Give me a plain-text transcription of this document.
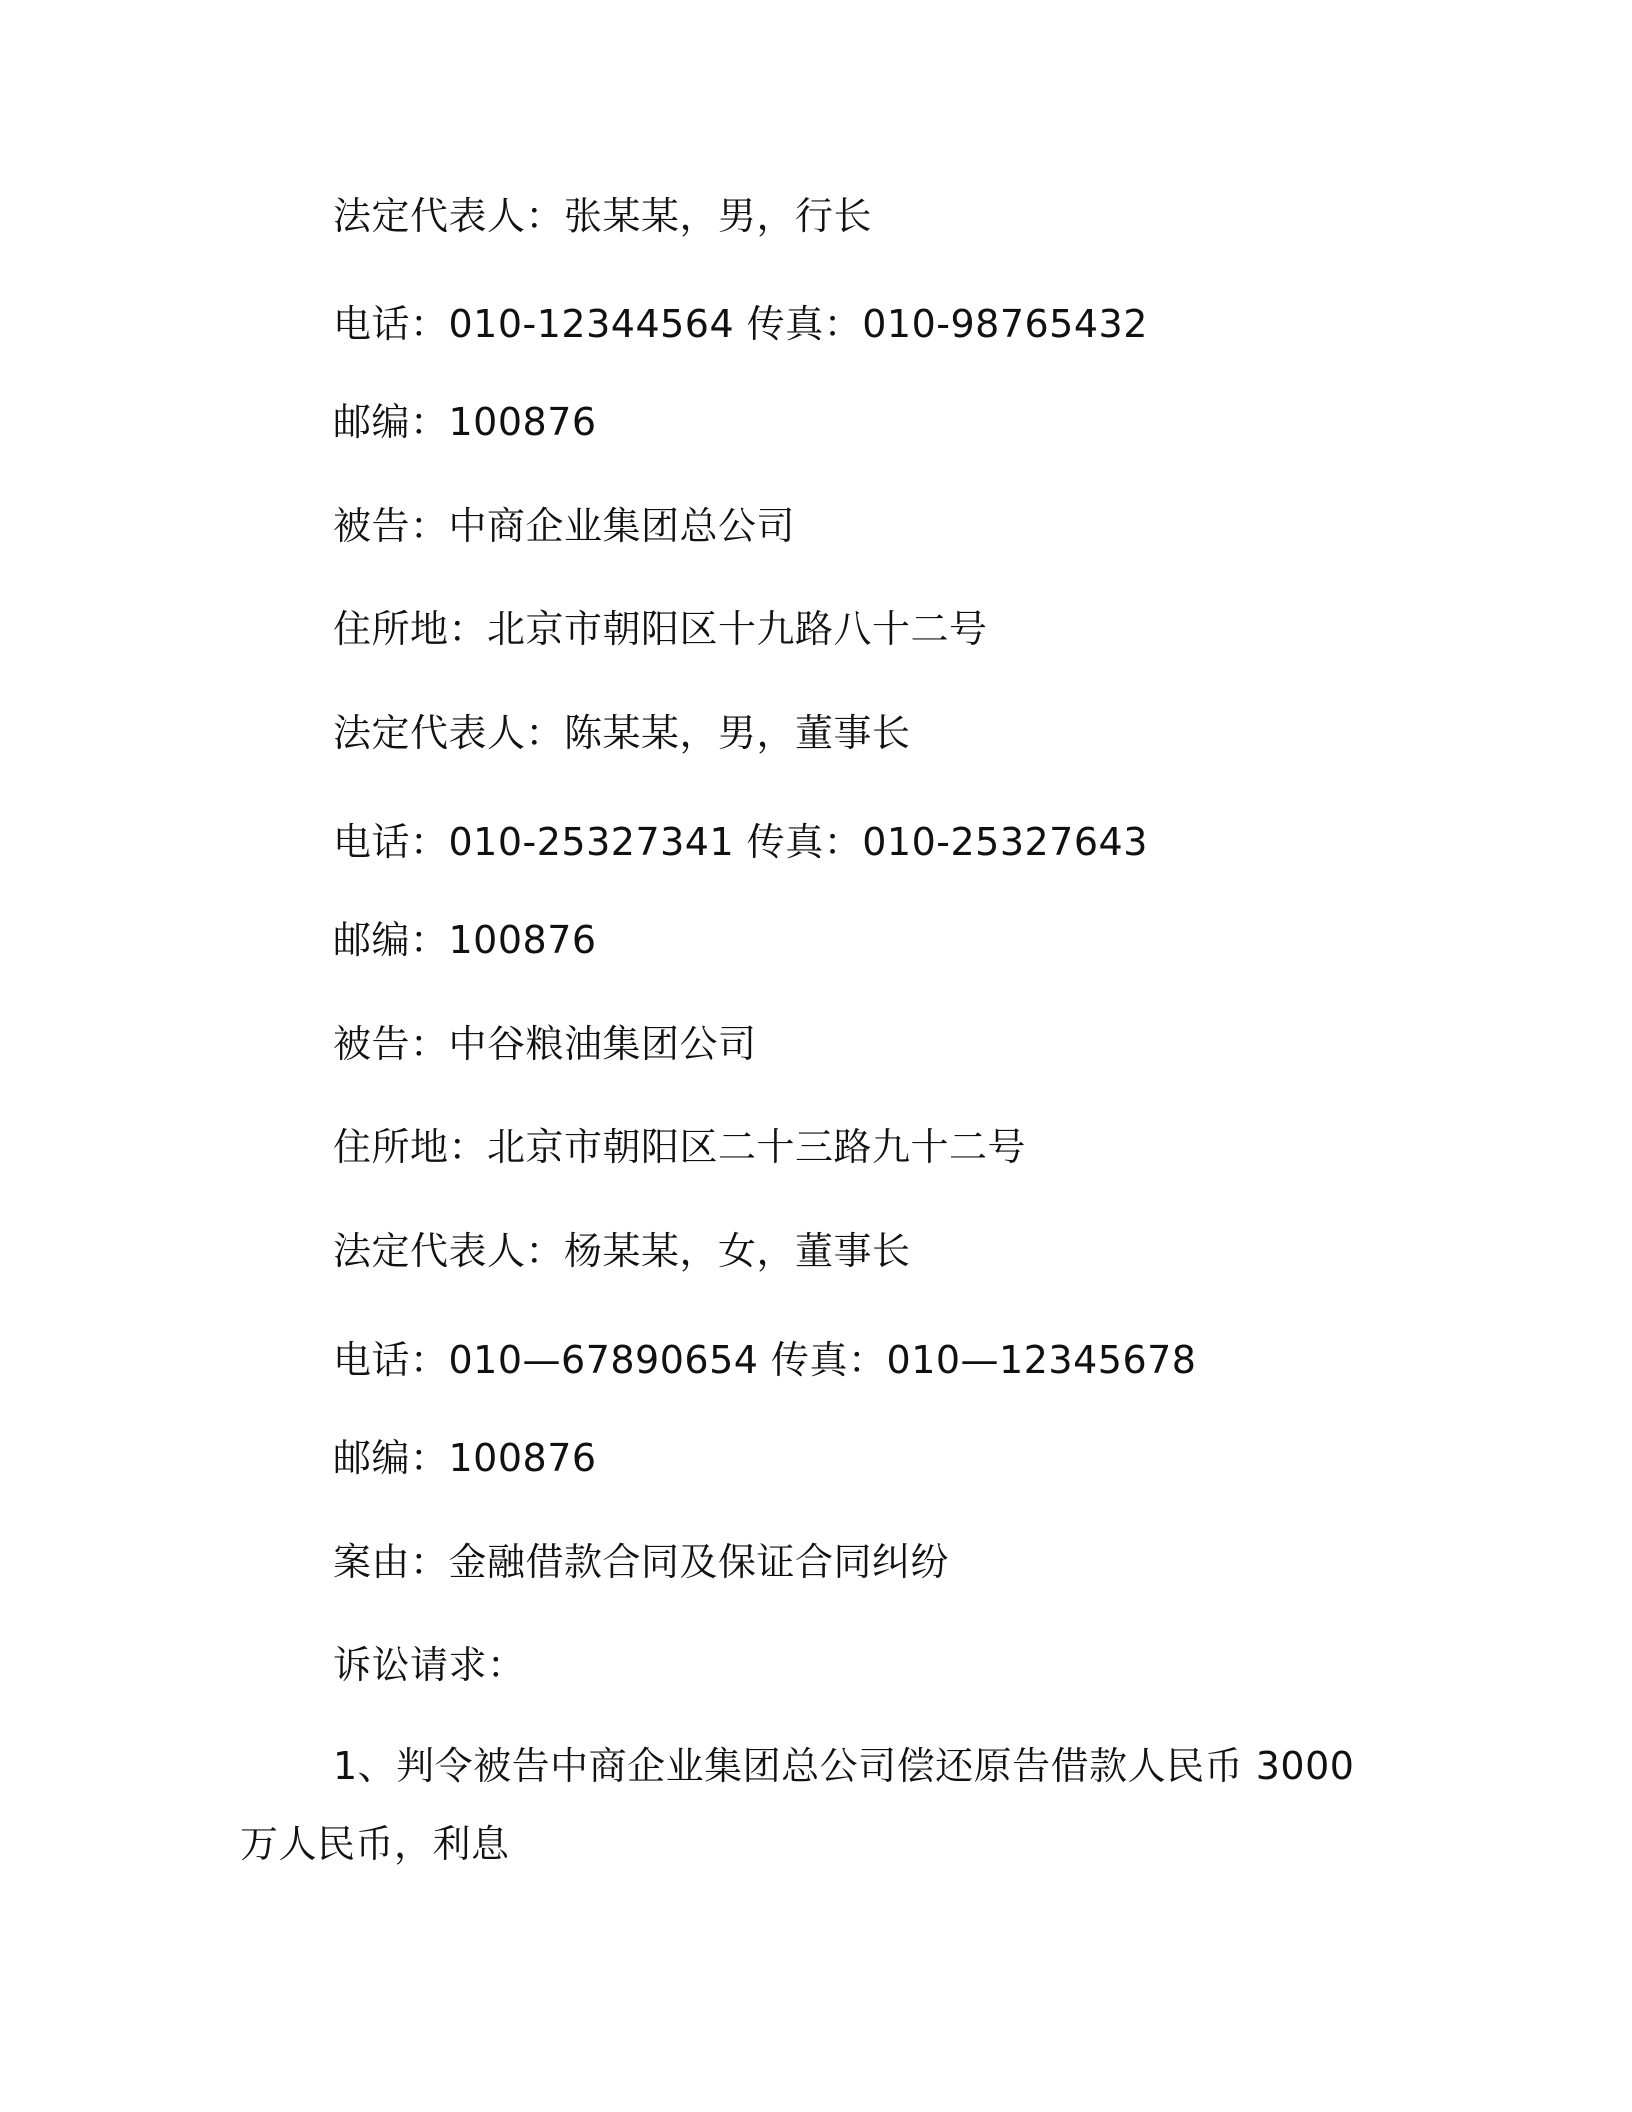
法定代表人：张某某，男，行长
电话：010-12344564 传真：010-98765432
邮编：100876
被告：中商企业集团总公司
住所地：北京市朝阳区十九路八十二号
法定代表人：陈某某，男，董事长
电话：010-25327341 传真：010-25327643
邮编：100876
被告：中谷粮油集团公司
住所地：北京市朝阳区二十三路九十二号
法定代表人：杨某某，女，董事长
电话：010—67890654 传真：010—12345678
邮编：100876
案由：金融借款合同及保证合同纠纷
诉讼请求：
1、判令被告中商企业集团总公司偿还原告借款人民币 3000 万人民币，利息
